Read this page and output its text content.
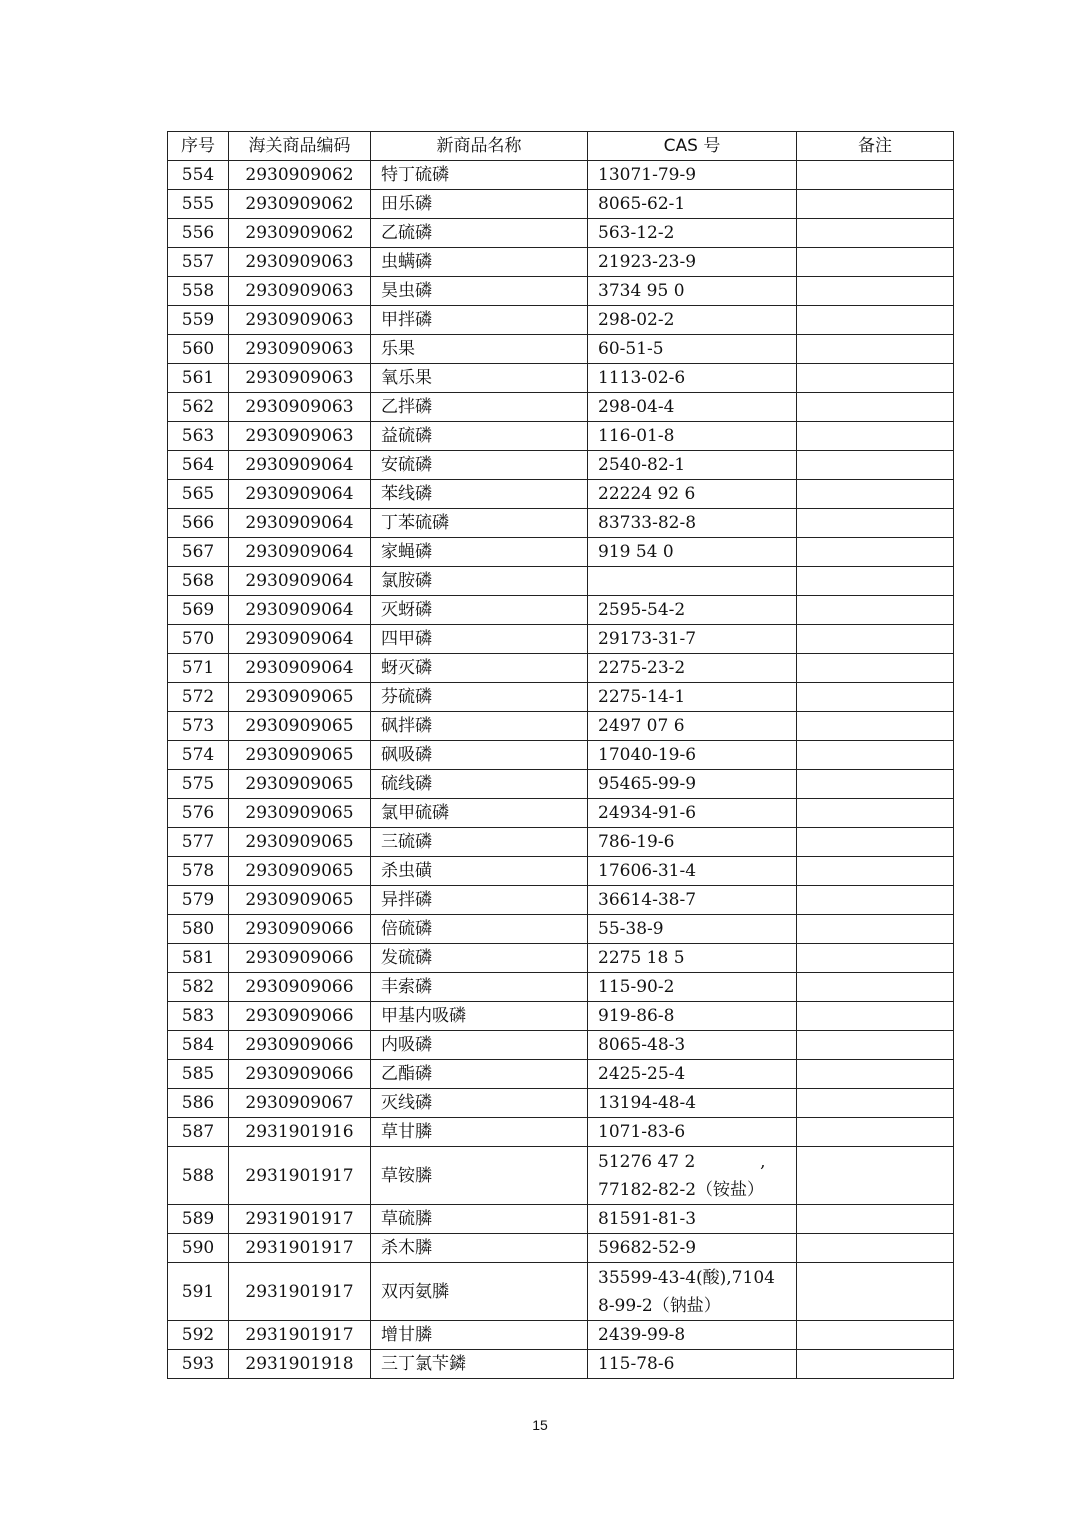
序号	海关商品编码	新商品名称	CAS 号	备注
554	2930909062	特丁硫磷	13071-79-9	
555	2930909062	田乐磷	8065-62-1	
556	2930909062	乙硫磷	563-12-2	
557	2930909063	虫螨磷	21923-23-9	
558	2930909063	昊虫磷	3734 95 0	
559	2930909063	甲拌磷	298-02-2	
560	2930909063	乐果	60-51-5	
561	2930909063	氧乐果	1113-02-6	
562	2930909063	乙拌磷	298-04-4	
563	2930909063	益硫磷	116-01-8	
564	2930909064	安硫磷	2540-82-1	
565	2930909064	苯线磷	22224 92 6	
566	2930909064	丁苯硫磷	83733-82-8	
567	2930909064	家蝇磷	919 54 0	
568	2930909064	氯胺磷		
569	2930909064	灭蚜磷	2595-54-2	
570	2930909064	四甲磷	29173-31-7	
571	2930909064	蚜灭磷	2275-23-2	
572	2930909065	芬硫磷	2275-14-1	
573	2930909065	砜拌磷	2497 07 6	
574	2930909065	砜吸磷	17040-19-6	
575	2930909065	硫线磷	95465-99-9	
576	2930909065	氯甲硫磷	24934-91-6	
577	2930909065	三硫磷	786-19-6	
578	2930909065	杀虫磺	17606-31-4	
579	2930909065	异拌磷	36614-38-7	
580	2930909066	倍硫磷	55-38-9	
581	2930909066	发硫磷	2275 18 5	
582	2930909066	丰索磷	115-90-2	
583	2930909066	甲基内吸磷	919-86-8	
584	2930909066	内吸磷	8065-48-3	
585	2930909066	乙酯磷	2425-25-4	
586	2930909067	灭线磷	13194-48-4	
587	2931901916	草甘膦	1071-83-6	
588	2931901917	草铵膦	51276 47 2            ,
77182-82-2（铵盐）	

589	2931901917	草硫膦	81591-81-3	
590	2931901917	杀木膦	59682-52-9	
591	2931901917	双丙氨膦	35599-43-4(酸),7104
8-99-2（钠盐）	

592	2931901917	增甘膦	2439-99-8	
593	2931901918	三丁氯苄鏻	115-78-6	
15
